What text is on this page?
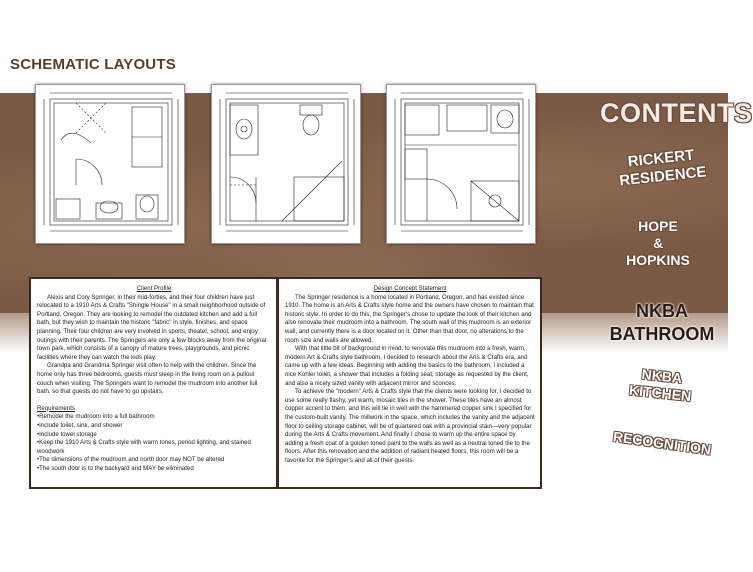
SCHEMATIC LAYOUTS
Client Profile

Alexis and Cory Springer, in their mid-forties, and their four children have just relocated to a 1910 Arts & Crafts "Shingle House" in a small neighborhood outside of Portland, Oregon. They are looking to remodel the outdated kitchen and add a full bath, but they wish to maintain the historic "fabric" in style, finishes, and space planning. Their four children are very involved in sports, theater, school, and enjoy outings with their parents. The Springers are only a few blocks away from the original town park, which consists of a canopy of mature trees, playgrounds, and picnic facilities where they can watch the kids play.

Grandpa and Grandma Springer visit often to help with the children. Since the home only has three bedrooms, guests must sleep in the living room on a pullout couch when visiting. The Springers want to remodel the mudroom into another full bath, so that guests do not have to go upstairs.

Requirements
•Remodel the mudroom into a full bathroom
•Include toilet, sink, and shower
•Include towel storage
•Keep the 1910 Arts & Crafts style with warm tones, period lighting, and stained woodwork
•The dimensions of the mudroom and north door may NOT be altered
•The south door is to the backyard and MAY be eliminated
Design Concept Statement

The Springer residence is a home located in Portland, Oregon, and has existed since 1910. The home is an Arts & Crafts style home and the owners have chosen to maintain that historic style. In order to do this, the Springer's chose to update the look of their kitchen and also renovate their mudroom into a bathroom. The south wall of this mudroom is an exterior wall, and currently there is a door located on it. Other than that door, no alterations to the room size and walls are allowed.

With that little bit of background in mind, to renovate this mudroom into a fresh, warm, modern Art & Crafts style bathroom, I decided to research about the Arts & Crafts era, and came up with a few ideas. Beginning with adding the basics to the bathroom, I included a nice Kohler toilet, a shower that includes a folding seat, storage as requested by the client, and also a nicely sized vanity with adjacent mirror and sconces.

To achieve the "modern" Arts & Crafts style that the clients were looking for, I decided to use some really flashy, yet warm, mosaic tiles in the shower. These tiles have an almost copper accent to them, and this will tie in well with the hammered copper sink I specified for the custom-built vanity. The millwork in the space, which includes the vanity and the adjacent floor to ceiling storage cabinet, will be of quartered oak with a provincial stain—very popular during the Arts & Crafts movement. And finally I chose to warm up the entire space by adding a fresh coat of a golden toned paint to the walls as well as a neutral toned tile to the floors. After this renovation and the addition of radiant heated floors, this room will be a favorite for the Springer's and all of their guests.

CONTENTS
RICKERT RESIDENCE
HOPE
&
HOPKINS
NKBA
BATHROOM
NKBA
KITCHEN
RECOGNITION
